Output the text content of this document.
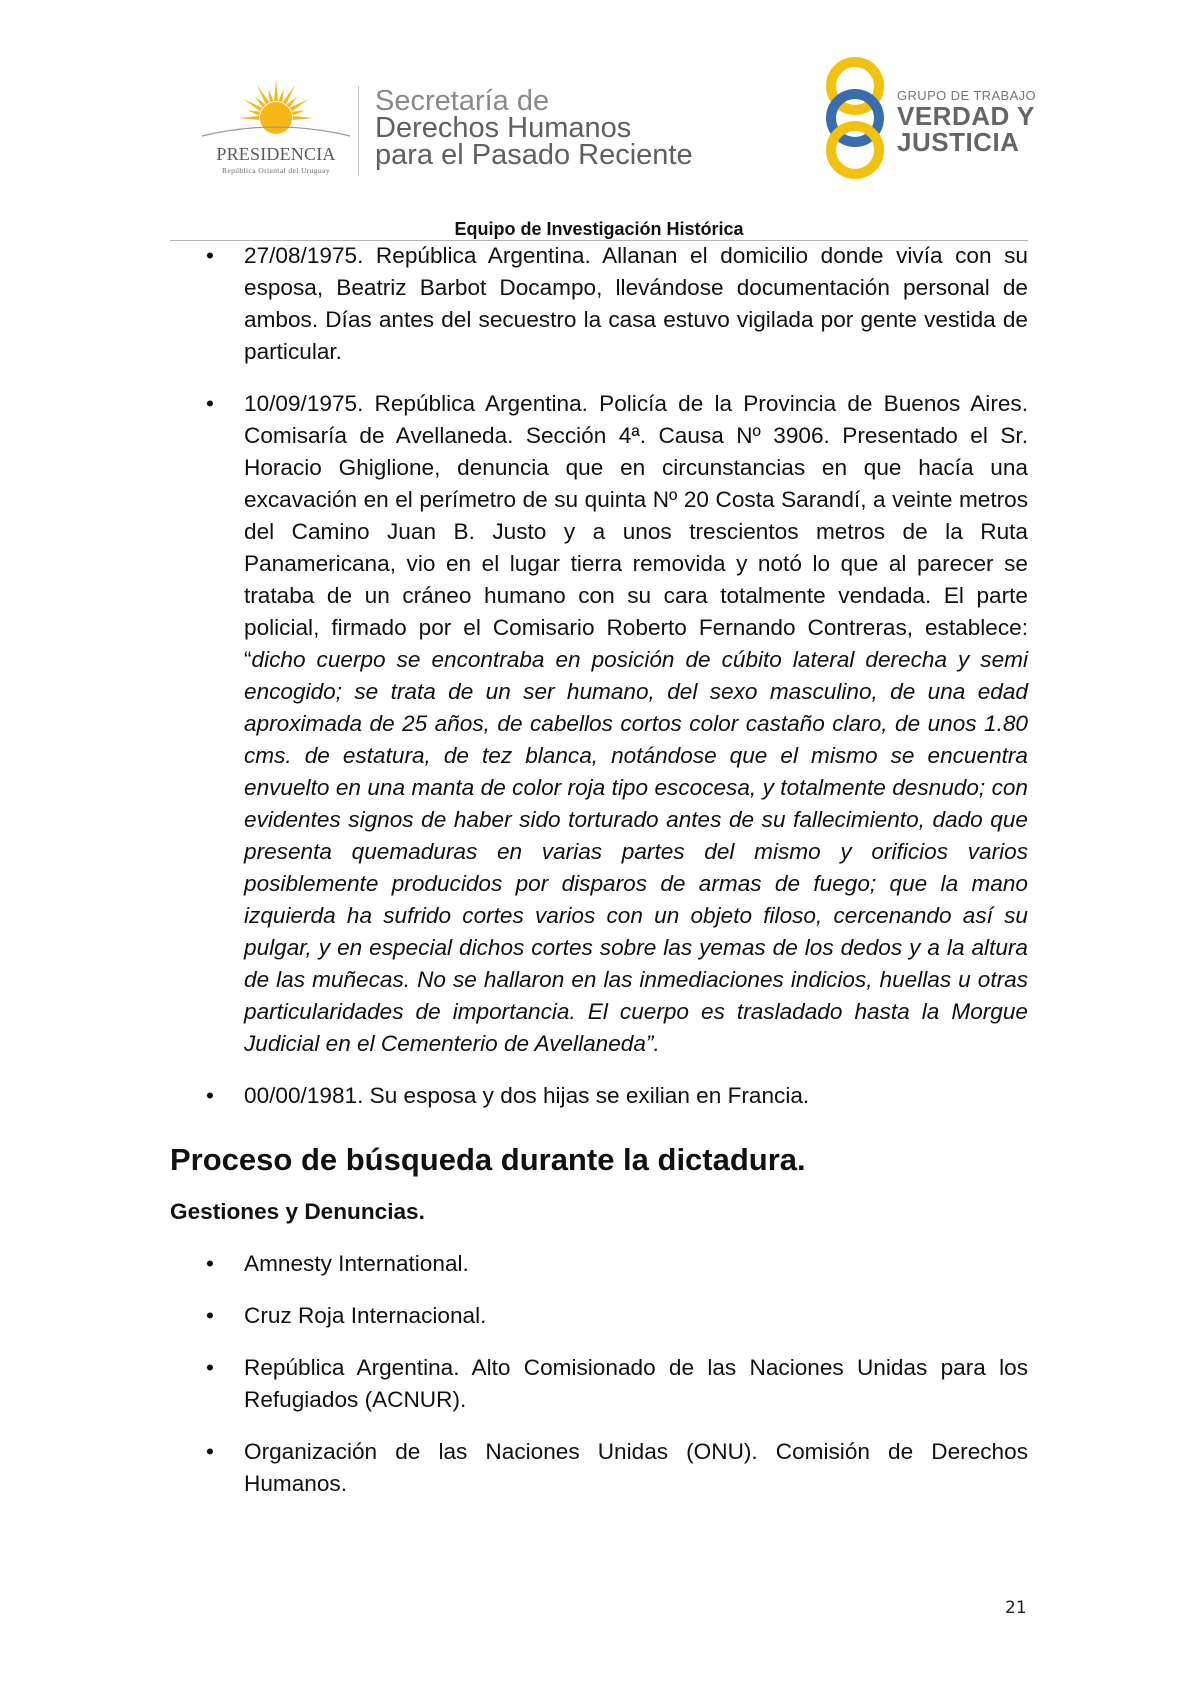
PRESIDENCIA
República Oriental del Uruguay
Secretaría de
Derechos Humanos
para el Pasado Reciente
GRUPO DE TRABAJO
VERDAD Y
JUSTICIA
Equipo de Investigación Histórica
• 27/08/1975. República Argentina. Allanan el domicilio donde vivía con su esposa, Beatriz Barbot Docampo, llevándose documentación personal de ambos. Días antes del secuestro la casa estuvo vigilada por gente vestida de particular.

• 10/09/1975. República Argentina. Policía de la Provincia de Buenos Aires. Comisaría de Avellaneda. Sección 4ª. Causa Nº 3906. Presentado el Sr. Horacio Ghiglione, denuncia que en circunstancias en que hacía una excavación en el perímetro de su quinta Nº 20 Costa Sarandí, a veinte metros del Camino Juan B. Justo y a unos trescientos metros de la Ruta Panamericana, vio en el lugar tierra removida y notó lo que al parecer se trataba de un cráneo humano con su cara totalmente vendada. El parte policial, firmado por el Comisario Roberto Fernando Contreras, establece: “dicho cuerpo se encontraba en posición de cúbito lateral derecha y semi encogido; se trata de un ser humano, del sexo masculino, de una edad aproximada de 25 años, de cabellos cortos color castaño claro, de unos 1.80 cms. de estatura, de tez blanca, notándose que el mismo se encuentra envuelto en una manta de color roja tipo escocesa, y totalmente desnudo; con evidentes signos de haber sido torturado antes de su fallecimiento, dado que presenta quemaduras en varias partes del mismo y orificios varios posiblemente producidos por disparos de armas de fuego; que la mano izquierda ha sufrido cortes varios con un objeto filoso, cercenando así su pulgar, y en especial dichos cortes sobre las yemas de los dedos y a la altura de las muñecas. No se hallaron en las inmediaciones indicios, huellas u otras particularidades de importancia. El cuerpo es trasladado hasta la Morgue Judicial en el Cementerio de Avellaneda”.

• 00/00/1981. Su esposa y dos hijas se exilian en Francia.

Proceso de búsqueda durante la dictadura.
Gestiones y Denuncias.
• Amnesty International.

• Cruz Roja Internacional.

• República Argentina. Alto Comisionado de las Naciones Unidas para los Refugiados (ACNUR).

• Organización de las Naciones Unidas (ONU). Comisión de Derechos Humanos.

21
